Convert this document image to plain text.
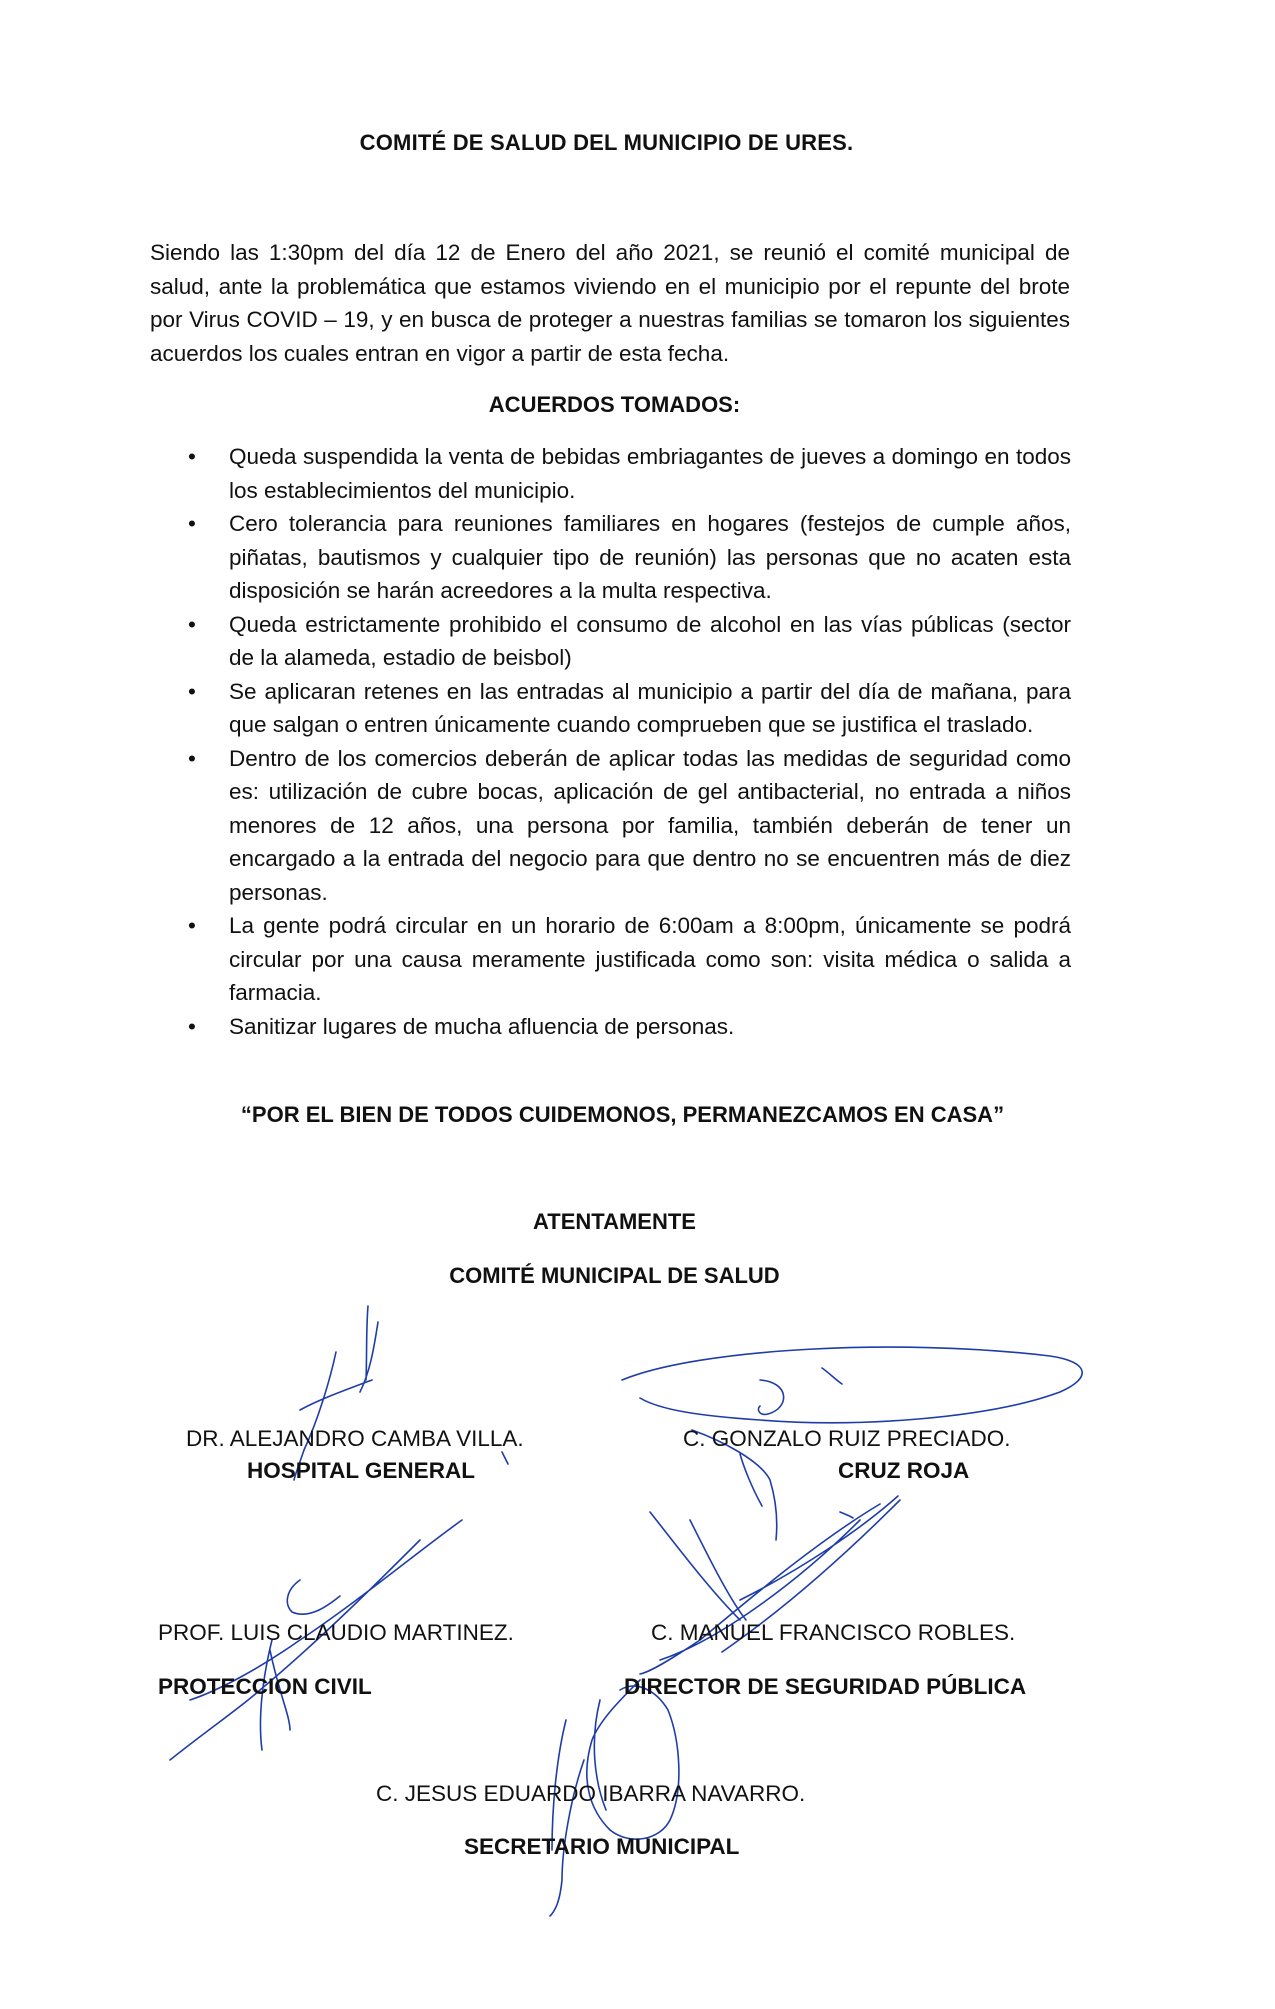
COMITÉ DE SALUD DEL MUNICIPIO DE URES.

Siendo las 1:30pm del día 12 de Enero del año 2021, se reunió el comité municipal de salud, ante la problemática que estamos viviendo en el municipio por el repunte del brote por Virus COVID – 19, y en busca de proteger a nuestras familias se tomaron los siguientes acuerdos los cuales entran en vigor a partir de esta fecha.

ACUERDOS TOMADOS:
• Queda suspendida la venta de bebidas embriagantes de jueves a domingo en todos los establecimientos del municipio.
• Cero tolerancia para reuniones familiares en hogares (festejos de cumple años, piñatas, bautismos y cualquier tipo de reunión) las personas que no acaten esta disposición se harán acreedores a la multa respectiva.
• Queda estrictamente prohibido el consumo de alcohol en las vías públicas (sector de la alameda, estadio de beisbol)
• Se aplicaran retenes en las entradas al municipio a partir del día de mañana, para que salgan o entren únicamente cuando comprueben que se justifica el traslado.
• Dentro de los comercios deberán de aplicar todas las medidas de seguridad como es: utilización de cubre bocas, aplicación de gel antibacterial, no entrada a niños menores de 12 años, una persona por familia, también deberán de tener un encargado a la entrada del negocio para que dentro no se encuentren más de diez personas.
• La gente podrá circular en un horario de 6:00am a 8:00pm, únicamente se podrá circular por una causa meramente justificada como son: visita médica o salida a farmacia.
• Sanitizar lugares de mucha afluencia de personas.
“POR EL BIEN DE TODOS CUIDEMONOS, PERMANEZCAMOS EN CASA”
ATENTAMENTE
COMITÉ MUNICIPAL DE SALUD
DR. ALEJANDRO CAMBA VILLA.
HOSPITAL GENERAL
C. GONZALO RUIZ PRECIADO.
CRUZ ROJA
PROF. LUIS CLAUDIO MARTINEZ.
PROTECCION CIVIL
C. MANUEL FRANCISCO ROBLES.
DIRECTOR DE SEGURIDAD PÚBLICA
C. JESUS EDUARDO IBARRA NAVARRO.
SECRETARIO MUNICIPAL
